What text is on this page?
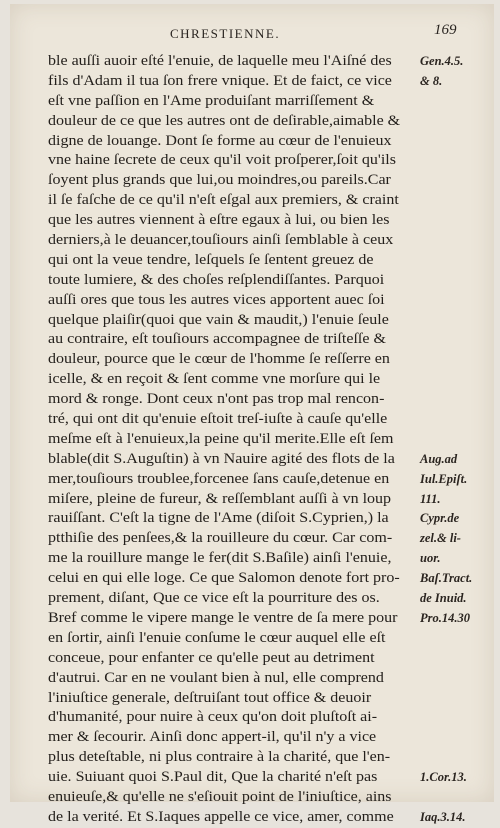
CHRESTIENNE.	169
ble auſſi auoir eſté l'enuie, de laquelle meu l'Aiſné des Gen.4.5.
fils d'Adam il tua ſon frere vnique. Et de faict, ce vice & 8.
eſt vne paſſion en l'Ame produiſant marriſſement &
douleur de ce que les autres ont de deſirable,aimable &
digne de louange. Dont ſe forme au cœur de l'enuieux
vne haine ſecrete de ceux qu'il voit proſperer,ſoit qu'ils
ſoyent plus grands que lui,ou moindres,ou pareils.Car
il ſe faſche de ce qu'il n'eſt eſgal aux premiers, & craint
que les autres viennent à eſtre egaux à lui, ou bien les
derniers,à le deuancer,touſiours ainſi ſemblable à ceux
qui ont la veue tendre, leſquels ſe ſentent greuez de
toute lumiere, & des choſes reſplendiſſantes. Parquoi
auſſi ores que tous les autres vices apportent auec ſoi
quelque plaiſir(quoi que vain & maudit,) l'enuie ſeule
au contraire, eſt touſiours accompagnee de triſteſſe &
douleur, pource que le cœur de l'homme ſe reſſerre en
icelle, & en reçoit & ſent comme vne morſure qui le
mord & ronge. Dont ceux n'ont pas trop mal rencon-
tré, qui ont dit qu'enuie eſtoit treſ-iuſte à cauſe qu'elle
meſme eſt à l'enuieux,la peine qu'il merite.Elle eſt ſem
blable(dit S.Auguſtin) à vn Nauire agité des flots de la Aug.ad
mer,touſiours troublee,forcenee ſans cauſe,detenue en Iul.Epiſt.
miſere, pleine de fureur, & reſſemblant auſſi à vn loup 111.
rauiſſant. C'eſt la tigne de l'Ame (diſoit S.Cyprien,) la	Cypr.de
ptthiſie des penſees,& la rouilleure du cœur. Car com- zel.& li-
me la rouillure mange le fer(dit S.Baſile) ainſi l'enuie, uor.
celui en qui elle loge. Ce que Salomon denote fort pro- Baſ.Tract.
prement, diſant, Que ce vice eſt la pourriture des os.	de Inuid.
Bref comme le vipere mange le ventre de ſa mere pour Pro.14.30
en ſortir, ainſi l'enuie conſume le cœur auquel elle eſt
conceue, pour enfanter ce qu'elle peut au detriment
d'autrui. Car en ne voulant bien à nul, elle comprend
l'iniuſtice generale, deſtruiſant tout office & deuoir
d'humanité, pour nuire à ceux qu'on doit pluſtoſt ai-
mer & ſecourir. Ainſi donc appert-il, qu'il n'y a vice
plus deteſtable, ni plus contraire à la charité, que l'en-
uie. Suiuant quoi S.Paul dit, Que la charité n'eſt pas	1.Cor.13.
enuieuſe,& qu'elle ne s'eſiouit point de l'iniuſtice, ains
de la verité. Et S.Iaques appelle ce vice, amer, comme Iaq.3.14.
